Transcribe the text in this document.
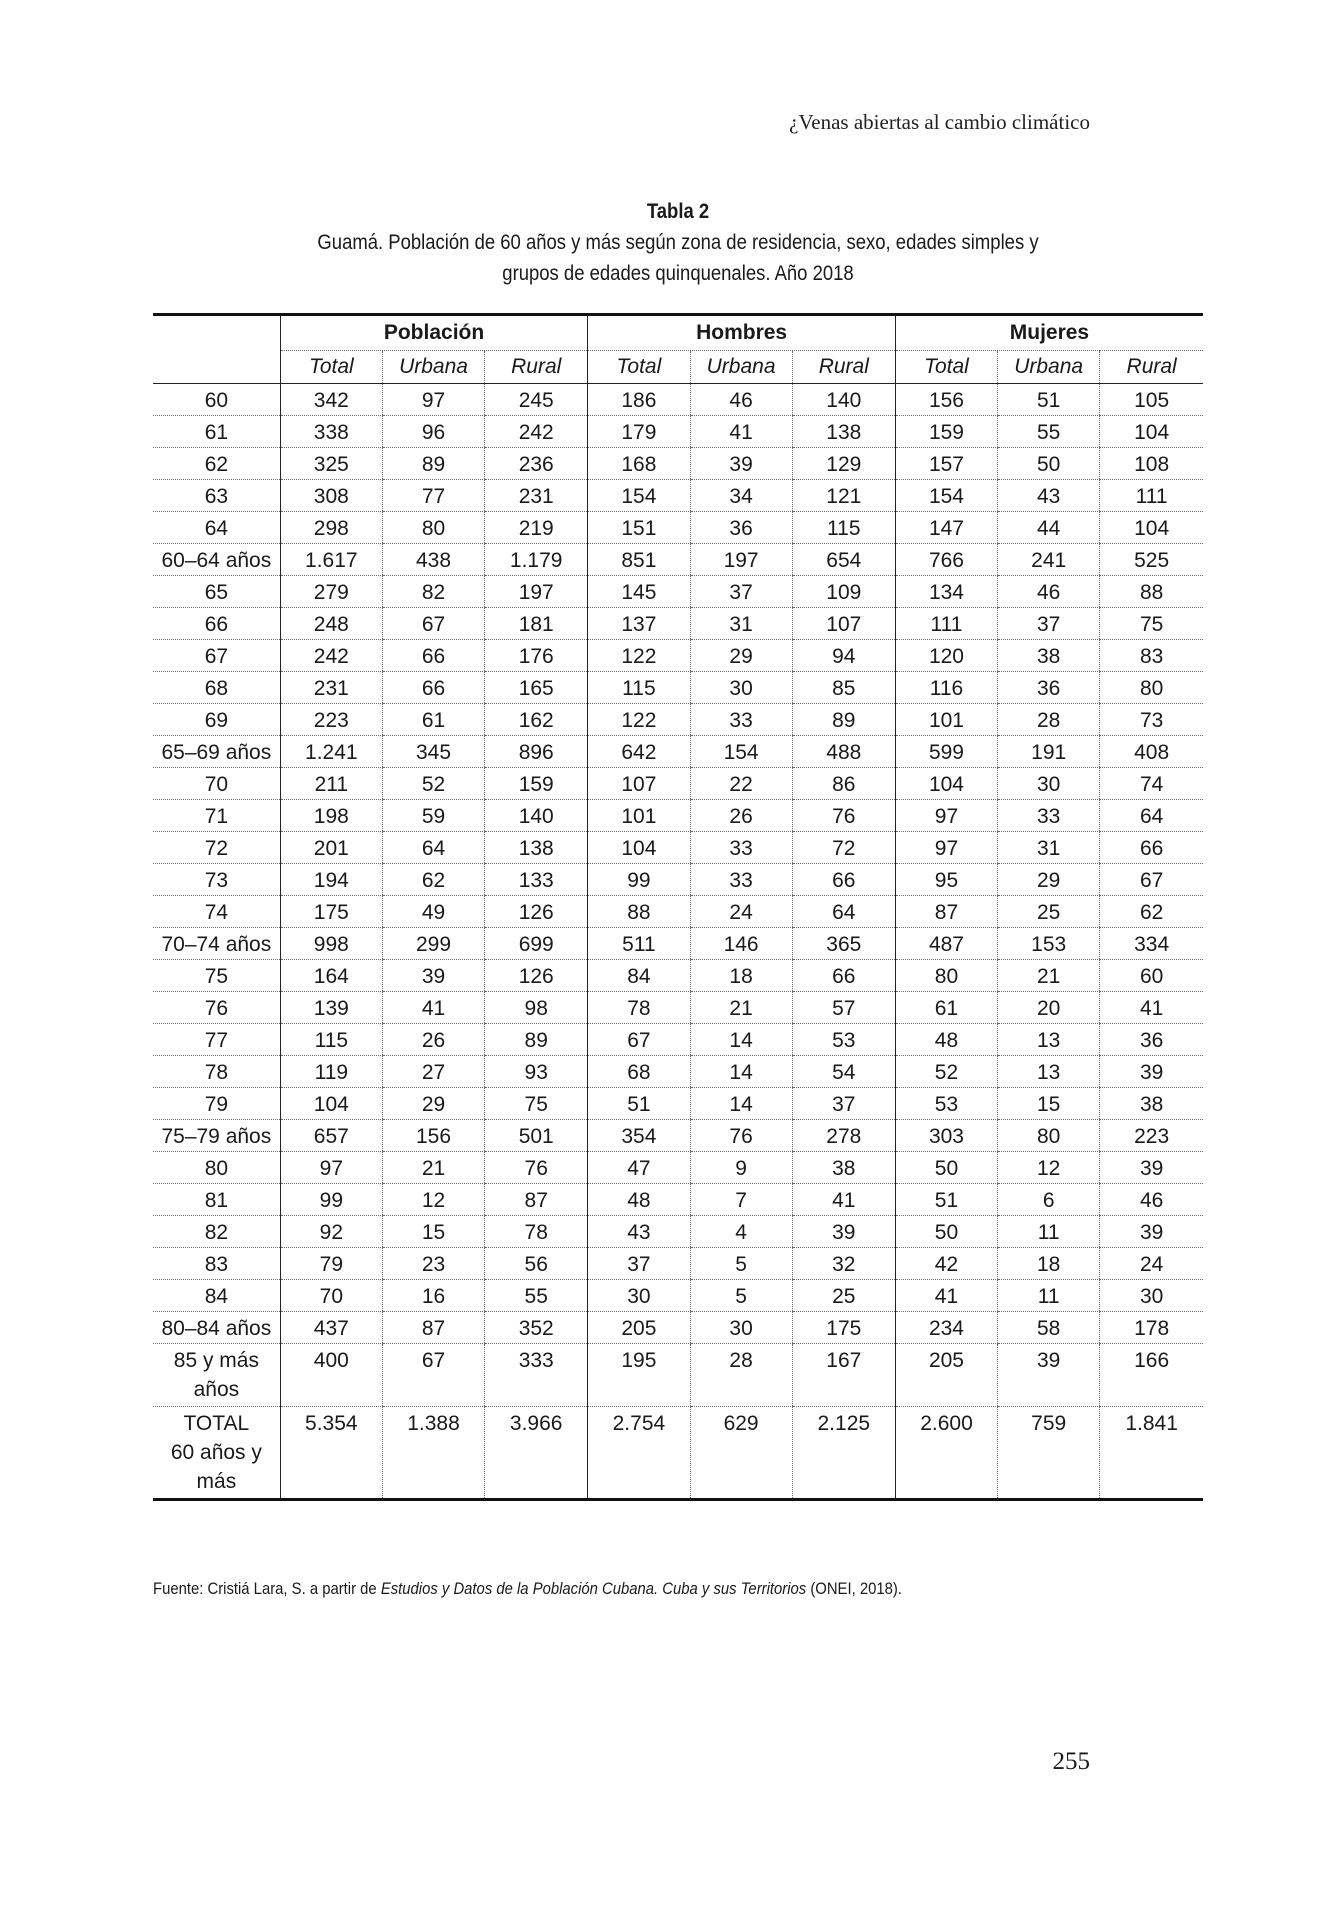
¿Venas abiertas al cambio climático
Tabla 2
Guamá. Población de 60 años y más según zona de residencia, sexo, edades simples y
grupos de edades quinquenales. Año 2018
	Población			Hombres			Mujeres		
	Total	Urbana	Rural	Total	Urbana	Rural	Total	Urbana	Rural

60	342	97	245	186	46	140	156	51	105

61	338	96	242	179	41	138	159	55	104

62	325	89	236	168	39	129	157	50	108

63	308	77	231	154	34	121	154	43	111

64	298	80	219	151	36	115	147	44	104

60–64 años	1.617	438	1.179	851	197	654	766	241	525

65	279	82	197	145	37	109	134	46	88

66	248	67	181	137	31	107	111	37	75

67	242	66	176	122	29	94	120	38	83

68	231	66	165	115	30	85	116	36	80

69	223	61	162	122	33	89	101	28	73

65–69 años	1.241	345	896	642	154	488	599	191	408

70	211	52	159	107	22	86	104	30	74

71	198	59	140	101	26	76	97	33	64

72	201	64	138	104	33	72	97	31	66

73	194	62	133	99	33	66	95	29	67

74	175	49	126	88	24	64	87	25	62

70–74 años	998	299	699	511	146	365	487	153	334

75	164	39	126	84	18	66	80	21	60

76	139	41	98	78	21	57	61	20	41

77	115	26	89	67	14	53	48	13	36

78	119	27	93	68	14	54	52	13	39

79	104	29	75	51	14	37	53	15	38

75–79 años	657	156	501	354	76	278	303	80	223

80	97	21	76	47	9	38	50	12	39

81	99	12	87	48	7	41	51	6	46

82	92	15	78	43	4	39	50	11	39

83	79	23	56	37	5	32	42	18	24

84	70	16	55	30	5	25	41	11	30

80–84 años	437	87	352	205	30	175	234	58	178

85 y más
años	400	67	333	195	28	167	205	39	166

TOTAL
60 años y
más	5.354	1.388	3.966	2.754	629	2.125	2.600	759	1.841
Fuente: Cristiá Lara, S. a partir de Estudios y Datos de la Población Cubana. Cuba y sus Territorios (ONEI, 2018).
255
